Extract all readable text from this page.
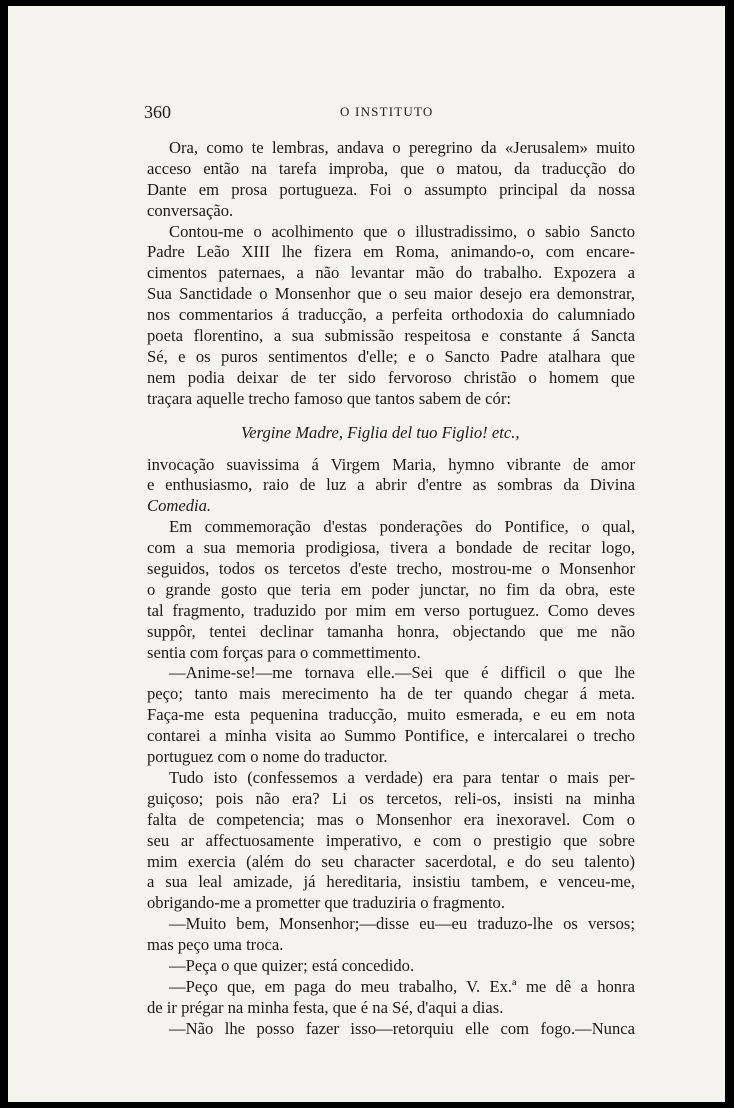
360	O INSTITUTO
Ora, como te lembras, andava o peregrino da «Jerusalem» muito
acceso então na tarefa improba, que o matou, da traducção do
Dante em prosa portugueza. Foi o assumpto principal da nossa
conversação.
Contou-me o acolhimento que o illustradissimo, o sabio Sancto
Padre Leão XIII lhe fizera em Roma, animando-o, com encare-
cimentos paternaes, a não levantar mão do trabalho. Expozera a
Sua Sanctidade o Monsenhor que o seu maior desejo era demonstrar,
nos commentarios á traducção, a perfeita orthodoxia do calumniado
poeta florentino, a sua submissão respeitosa e constante á Sancta
Sé, e os puros sentimentos d'elle; e o Sancto Padre atalhara que
nem podia deixar de ter sido fervoroso christão o homem que
traçara aquelle trecho famoso que tantos sabem de cór:
Vergine Madre, Figlia del tuo Figlio! etc.,
invocação suavissima á Virgem Maria, hymno vibrante de amor
e enthusiasmo, raio de luz a abrir d'entre as sombras da Divina
Comedia.
Em commemoração d'estas ponderações do Pontifice, o qual,
com a sua memoria prodigiosa, tivera a bondade de recitar logo,
seguidos, todos os tercetos d'este trecho, mostrou-me o Monsenhor
o grande gosto que teria em poder junctar, no fim da obra, este
tal fragmento, traduzido por mim em verso portuguez. Como deves
suppôr, tentei declinar tamanha honra, objectando que me não
sentia com forças para o commettimento.
—Anime-se!—me tornava elle.—Sei que é difficil o que lhe
peço; tanto mais merecimento ha de ter quando chegar á meta.
Faça-me esta pequenina traducção, muito esmerada, e eu em nota
contarei a minha visita ao Summo Pontifice, e intercalarei o trecho
portuguez com o nome do traductor.
Tudo isto (confessemos a verdade) era para tentar o mais per-
guiçoso; pois não era? Li os tercetos, reli-os, insisti na minha
falta de competencia; mas o Monsenhor era inexoravel. Com o
seu ar affectuosamente imperativo, e com o prestigio que sobre
mim exercia (além do seu character sacerdotal, e do seu talento)
a sua leal amizade, já hereditaria, insistiu tambem, e venceu-me,
obrigando-me a prometter que traduziria o fragmento.
—Muito bem, Monsenhor;—disse eu—eu traduzo-lhe os versos;
mas peço uma troca.
—Peça o que quizer; está concedido.
—Peço que, em paga do meu trabalho, V. Ex.ª me dê a honra
de ir prégar na minha festa, que é na Sé, d'aqui a dias.
—Não lhe posso fazer isso—retorquiu elle com fogo.—Nunca
